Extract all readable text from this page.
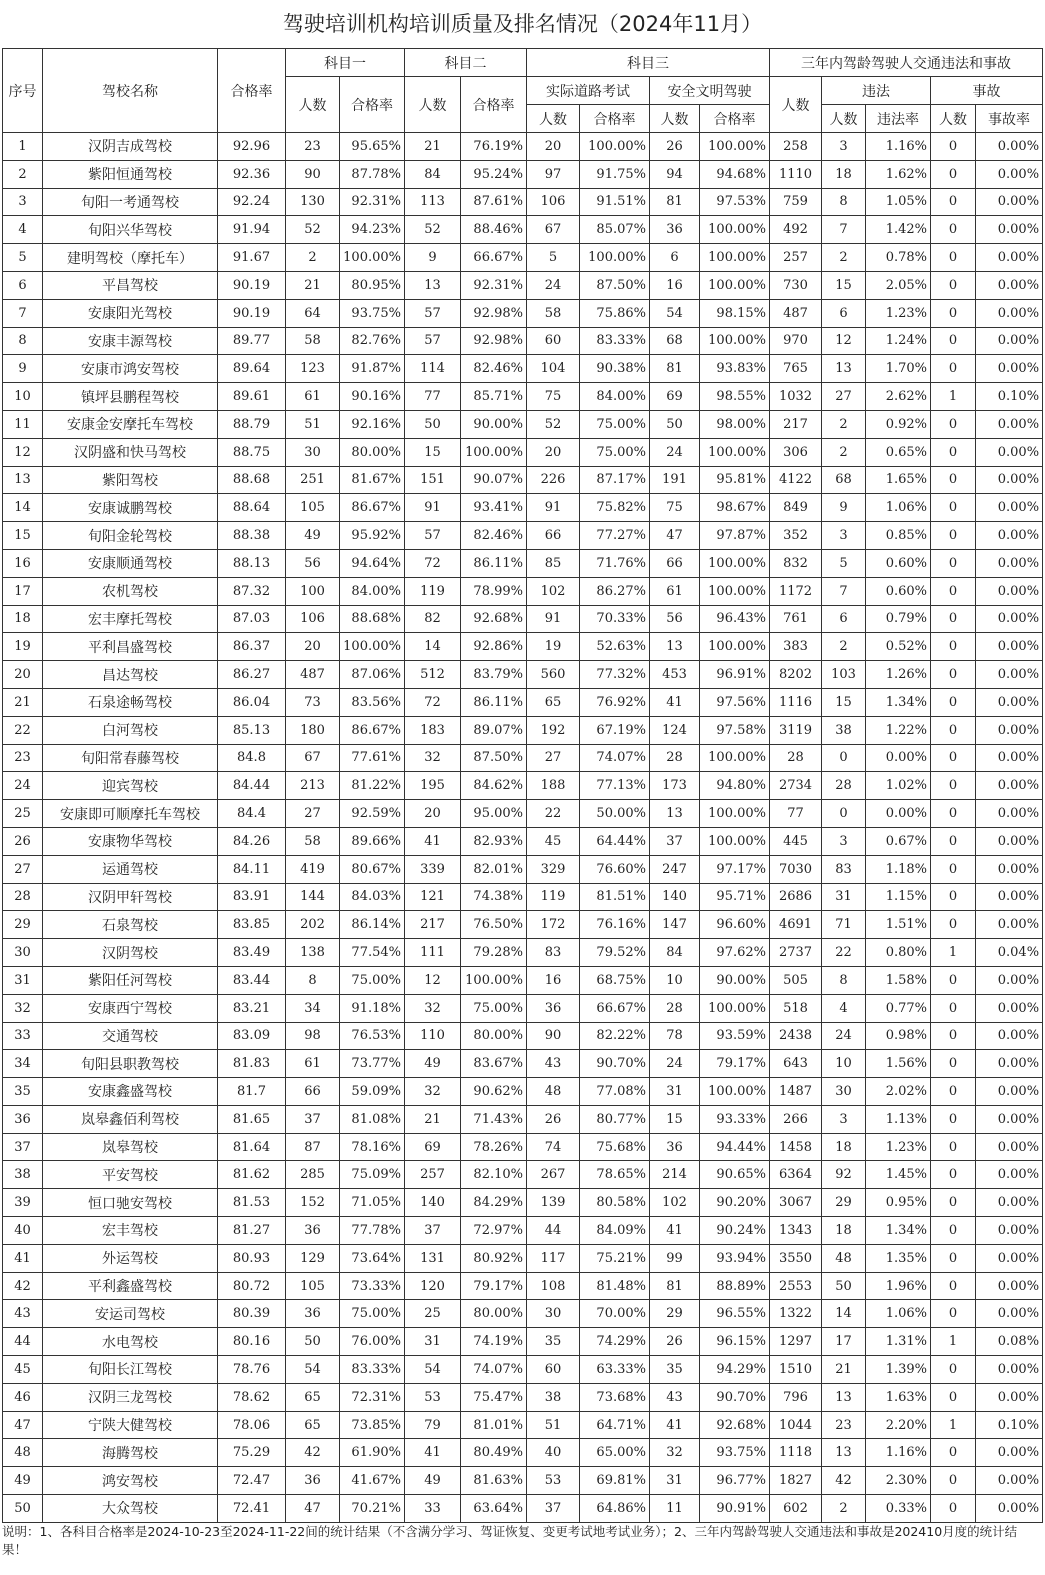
驾驶培训机构培训质量及排名情况（2024年11月）
序号	驾校名称	合格率	科目一		科目二		科目三				三年内驾龄驾驶人交通违法和事故				
			人数	合格率	人数	合格率	实际道路考试		安全文明驾驶		人数	违法		事故	
							人数	合格率	人数	合格率		人数	违法率	人数	事故率
1	汉阴吉成驾校	92.96	23	95.65%	21	76.19%	20	100.00%	26	100.00%	258	3	1.16%	0	0.00%
2	紫阳恒通驾校	92.36	90	87.78%	84	95.24%	97	91.75%	94	94.68%	1110	18	1.62%	0	0.00%
3	旬阳一考通驾校	92.24	130	92.31%	113	87.61%	106	91.51%	81	97.53%	759	8	1.05%	0	0.00%
4	旬阳兴华驾校	91.94	52	94.23%	52	88.46%	67	85.07%	36	100.00%	492	7	1.42%	0	0.00%
5	建明驾校（摩托车）	91.67	2	100.00%	9	66.67%	5	100.00%	6	100.00%	257	2	0.78%	0	0.00%
6	平昌驾校	90.19	21	80.95%	13	92.31%	24	87.50%	16	100.00%	730	15	2.05%	0	0.00%
7	安康阳光驾校	90.19	64	93.75%	57	92.98%	58	75.86%	54	98.15%	487	6	1.23%	0	0.00%
8	安康丰源驾校	89.77	58	82.76%	57	92.98%	60	83.33%	68	100.00%	970	12	1.24%	0	0.00%
9	安康市鸿安驾校	89.64	123	91.87%	114	82.46%	104	90.38%	81	93.83%	765	13	1.70%	0	0.00%
10	镇坪县鹏程驾校	89.61	61	90.16%	77	85.71%	75	84.00%	69	98.55%	1032	27	2.62%	1	0.10%
11	安康金安摩托车驾校	88.79	51	92.16%	50	90.00%	52	75.00%	50	98.00%	217	2	0.92%	0	0.00%
12	汉阴盛和快马驾校	88.75	30	80.00%	15	100.00%	20	75.00%	24	100.00%	306	2	0.65%	0	0.00%
13	紫阳驾校	88.68	251	81.67%	151	90.07%	226	87.17%	191	95.81%	4122	68	1.65%	0	0.00%
14	安康诚鹏驾校	88.64	105	86.67%	91	93.41%	91	75.82%	75	98.67%	849	9	1.06%	0	0.00%
15	旬阳金轮驾校	88.38	49	95.92%	57	82.46%	66	77.27%	47	97.87%	352	3	0.85%	0	0.00%
16	安康顺通驾校	88.13	56	94.64%	72	86.11%	85	71.76%	66	100.00%	832	5	0.60%	0	0.00%
17	农机驾校	87.32	100	84.00%	119	78.99%	102	86.27%	61	100.00%	1172	7	0.60%	0	0.00%
18	宏丰摩托驾校	87.03	106	88.68%	82	92.68%	91	70.33%	56	96.43%	761	6	0.79%	0	0.00%
19	平利昌盛驾校	86.37	20	100.00%	14	92.86%	19	52.63%	13	100.00%	383	2	0.52%	0	0.00%
20	昌达驾校	86.27	487	87.06%	512	83.79%	560	77.32%	453	96.91%	8202	103	1.26%	0	0.00%
21	石泉途畅驾校	86.04	73	83.56%	72	86.11%	65	76.92%	41	97.56%	1116	15	1.34%	0	0.00%
22	白河驾校	85.13	180	86.67%	183	89.07%	192	67.19%	124	97.58%	3119	38	1.22%	0	0.00%
23	旬阳常春藤驾校	84.8	67	77.61%	32	87.50%	27	74.07%	28	100.00%	28	0	0.00%	0	0.00%
24	迎宾驾校	84.44	213	81.22%	195	84.62%	188	77.13%	173	94.80%	2734	28	1.02%	0	0.00%
25	安康即可顺摩托车驾校	84.4	27	92.59%	20	95.00%	22	50.00%	13	100.00%	77	0	0.00%	0	0.00%
26	安康物华驾校	84.26	58	89.66%	41	82.93%	45	64.44%	37	100.00%	445	3	0.67%	0	0.00%
27	运通驾校	84.11	419	80.67%	339	82.01%	329	76.60%	247	97.17%	7030	83	1.18%	0	0.00%
28	汉阴甲轩驾校	83.91	144	84.03%	121	74.38%	119	81.51%	140	95.71%	2686	31	1.15%	0	0.00%
29	石泉驾校	83.85	202	86.14%	217	76.50%	172	76.16%	147	96.60%	4691	71	1.51%	0	0.00%
30	汉阴驾校	83.49	138	77.54%	111	79.28%	83	79.52%	84	97.62%	2737	22	0.80%	1	0.04%
31	紫阳任河驾校	83.44	8	75.00%	12	100.00%	16	68.75%	10	90.00%	505	8	1.58%	0	0.00%
32	安康西宁驾校	83.21	34	91.18%	32	75.00%	36	66.67%	28	100.00%	518	4	0.77%	0	0.00%
33	交通驾校	83.09	98	76.53%	110	80.00%	90	82.22%	78	93.59%	2438	24	0.98%	0	0.00%
34	旬阳县职教驾校	81.83	61	73.77%	49	83.67%	43	90.70%	24	79.17%	643	10	1.56%	0	0.00%
35	安康鑫盛驾校	81.7	66	59.09%	32	90.62%	48	77.08%	31	100.00%	1487	30	2.02%	0	0.00%
36	岚皋鑫佰利驾校	81.65	37	81.08%	21	71.43%	26	80.77%	15	93.33%	266	3	1.13%	0	0.00%
37	岚皋驾校	81.64	87	78.16%	69	78.26%	74	75.68%	36	94.44%	1458	18	1.23%	0	0.00%
38	平安驾校	81.62	285	75.09%	257	82.10%	267	78.65%	214	90.65%	6364	92	1.45%	0	0.00%
39	恒口驰安驾校	81.53	152	71.05%	140	84.29%	139	80.58%	102	90.20%	3067	29	0.95%	0	0.00%
40	宏丰驾校	81.27	36	77.78%	37	72.97%	44	84.09%	41	90.24%	1343	18	1.34%	0	0.00%
41	外运驾校	80.93	129	73.64%	131	80.92%	117	75.21%	99	93.94%	3550	48	1.35%	0	0.00%
42	平利鑫盛驾校	80.72	105	73.33%	120	79.17%	108	81.48%	81	88.89%	2553	50	1.96%	0	0.00%
43	安运司驾校	80.39	36	75.00%	25	80.00%	30	70.00%	29	96.55%	1322	14	1.06%	0	0.00%
44	水电驾校	80.16	50	76.00%	31	74.19%	35	74.29%	26	96.15%	1297	17	1.31%	1	0.08%
45	旬阳长江驾校	78.76	54	83.33%	54	74.07%	60	63.33%	35	94.29%	1510	21	1.39%	0	0.00%
46	汉阴三龙驾校	78.62	65	72.31%	53	75.47%	38	73.68%	43	90.70%	796	13	1.63%	0	0.00%
47	宁陕大健驾校	78.06	65	73.85%	79	81.01%	51	64.71%	41	92.68%	1044	23	2.20%	1	0.10%
48	海腾驾校	75.29	42	61.90%	41	80.49%	40	65.00%	32	93.75%	1118	13	1.16%	0	0.00%
49	鸿安驾校	72.47	36	41.67%	49	81.63%	53	69.81%	31	96.77%	1827	42	2.30%	0	0.00%
50	大众驾校	72.41	47	70.21%	33	63.64%	37	64.86%	11	90.91%	602	2	0.33%	0	0.00%
说明：1、各科目合格率是2024-10-23至2024-11-22间的统计结果（不含满分学习、驾证恢复、变更考试地考试业务）；2、三年内驾龄驾驶人交通违法和事故是202410月度的统计结果！
